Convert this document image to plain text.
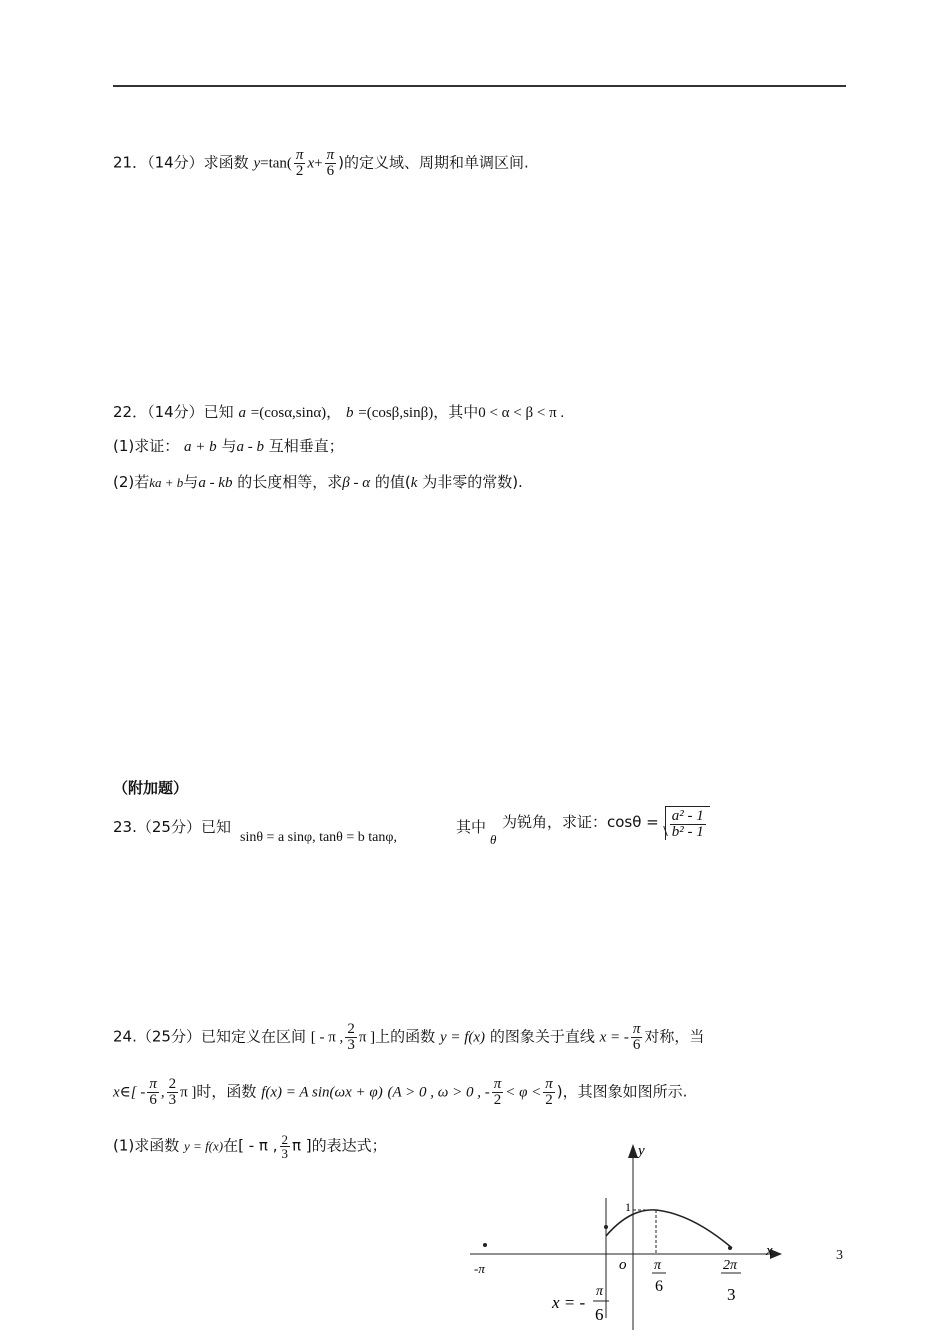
21．（14分）求函数 $y=\tan( \frac{\pi}{2} x+ \frac{\pi}{6}$ )的定义域、周期和单调区间.
22．（14分）已知 a =(cosα,sinα)， b =(cosβ,sinβ)，其中0 < α < β < π .
(1)求证： a + b 与a - b 互相垂直；
(2)若ka + b与a - kb 的长度相等，求β - α 的值(k 为非零的常数).
（附加题）
23.（25分）已知
sinθ = a sinφ, tanθ = b tanφ,
其中
θ
为锐角，求证：$\cos\theta = \frac{\text{a² - 1}}{\text{b² - 1}}$
24.（25分）已知定义在区间 [ - π , $\frac{2}{3}$ π ]上的函数 y = f(x) 的图象关于直线 x = - $\frac{\pi}{6}$ 对称，当
x∈[ - $\frac{\pi}{6}$ , $\frac{2}{3}$ π ]时，函数 f(x) = A sin(ωx + φ) (A > 0 , ω > 0 , - $\frac{\pi}{2} < \varphi < \frac{\pi}{2}$ )，其图象如图所示.
(1)求函数 y = f(x)在[ - π , $\frac{2}{3}$ π ]的表达式；	y
x
1
-π	o π
6
2π
3
x = -
π
6
3
